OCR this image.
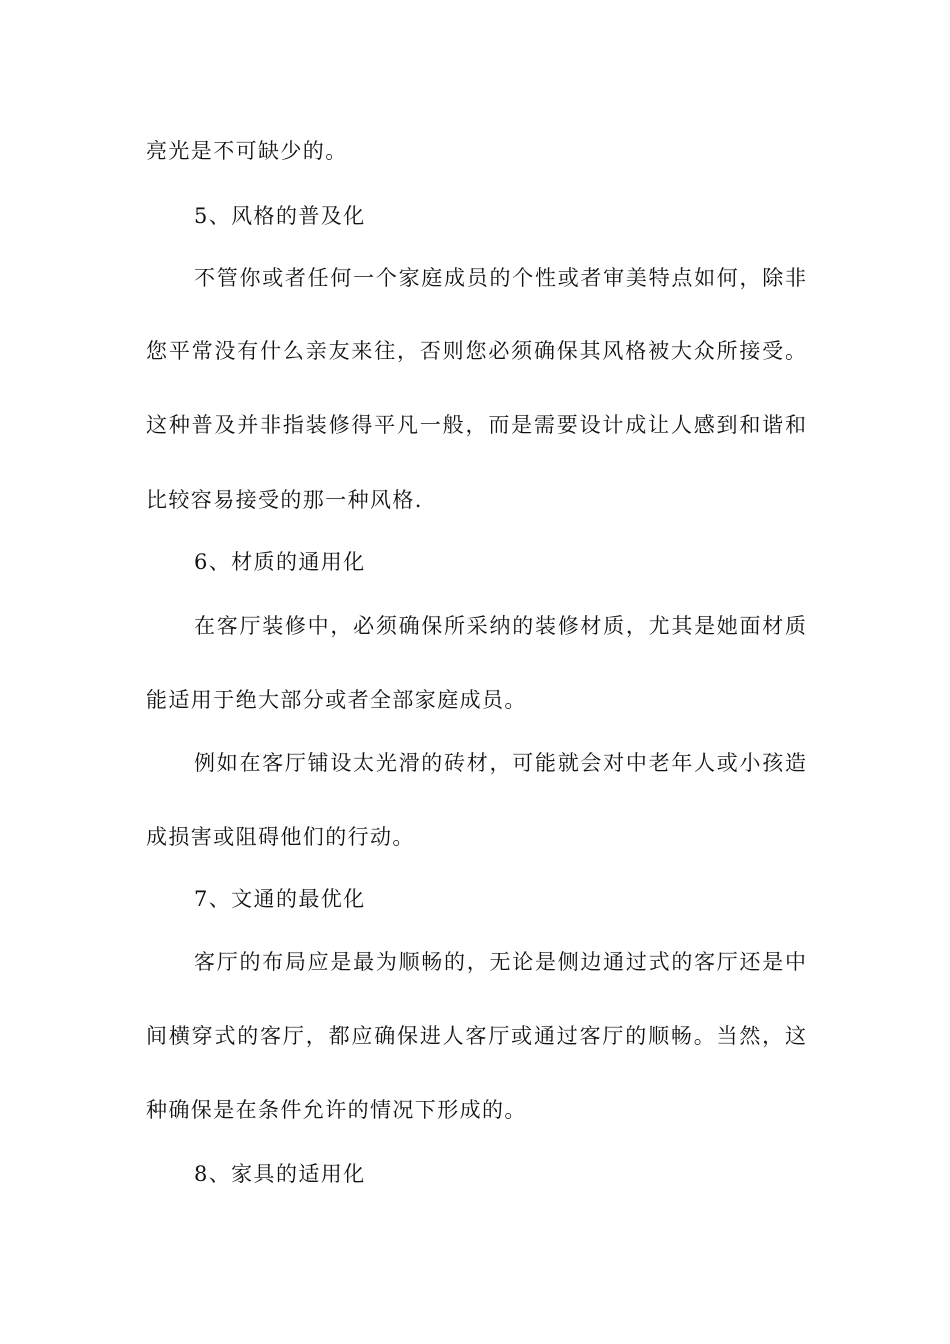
亮光是不可缺少的。
5、风格的普及化
不管你或者任何一个家庭成员的个性或者审美特点如何，除非
您平常没有什么亲友来往，否则您必须确保其风格被大众所接受。
这种普及并非指装修得平凡一般，而是需要设计成让人感到和谐和
比较容易接受的那一种风格.
6、材质的通用化
在客厅装修中，必须确保所采纳的装修材质，尤其是她面材质
能适用于绝大部分或者全部家庭成员。
例如在客厅铺设太光滑的砖材，可能就会对中老年人或小孩造
成损害或阻碍他们的行动。
7、文通的最优化
客厅的布局应是最为顺畅的，无论是侧边通过式的客厅还是中
间横穿式的客厅，都应确保进人客厅或通过客厅的顺畅。当然，这
种确保是在条件允许的情况下形成的。
8、家具的适用化
